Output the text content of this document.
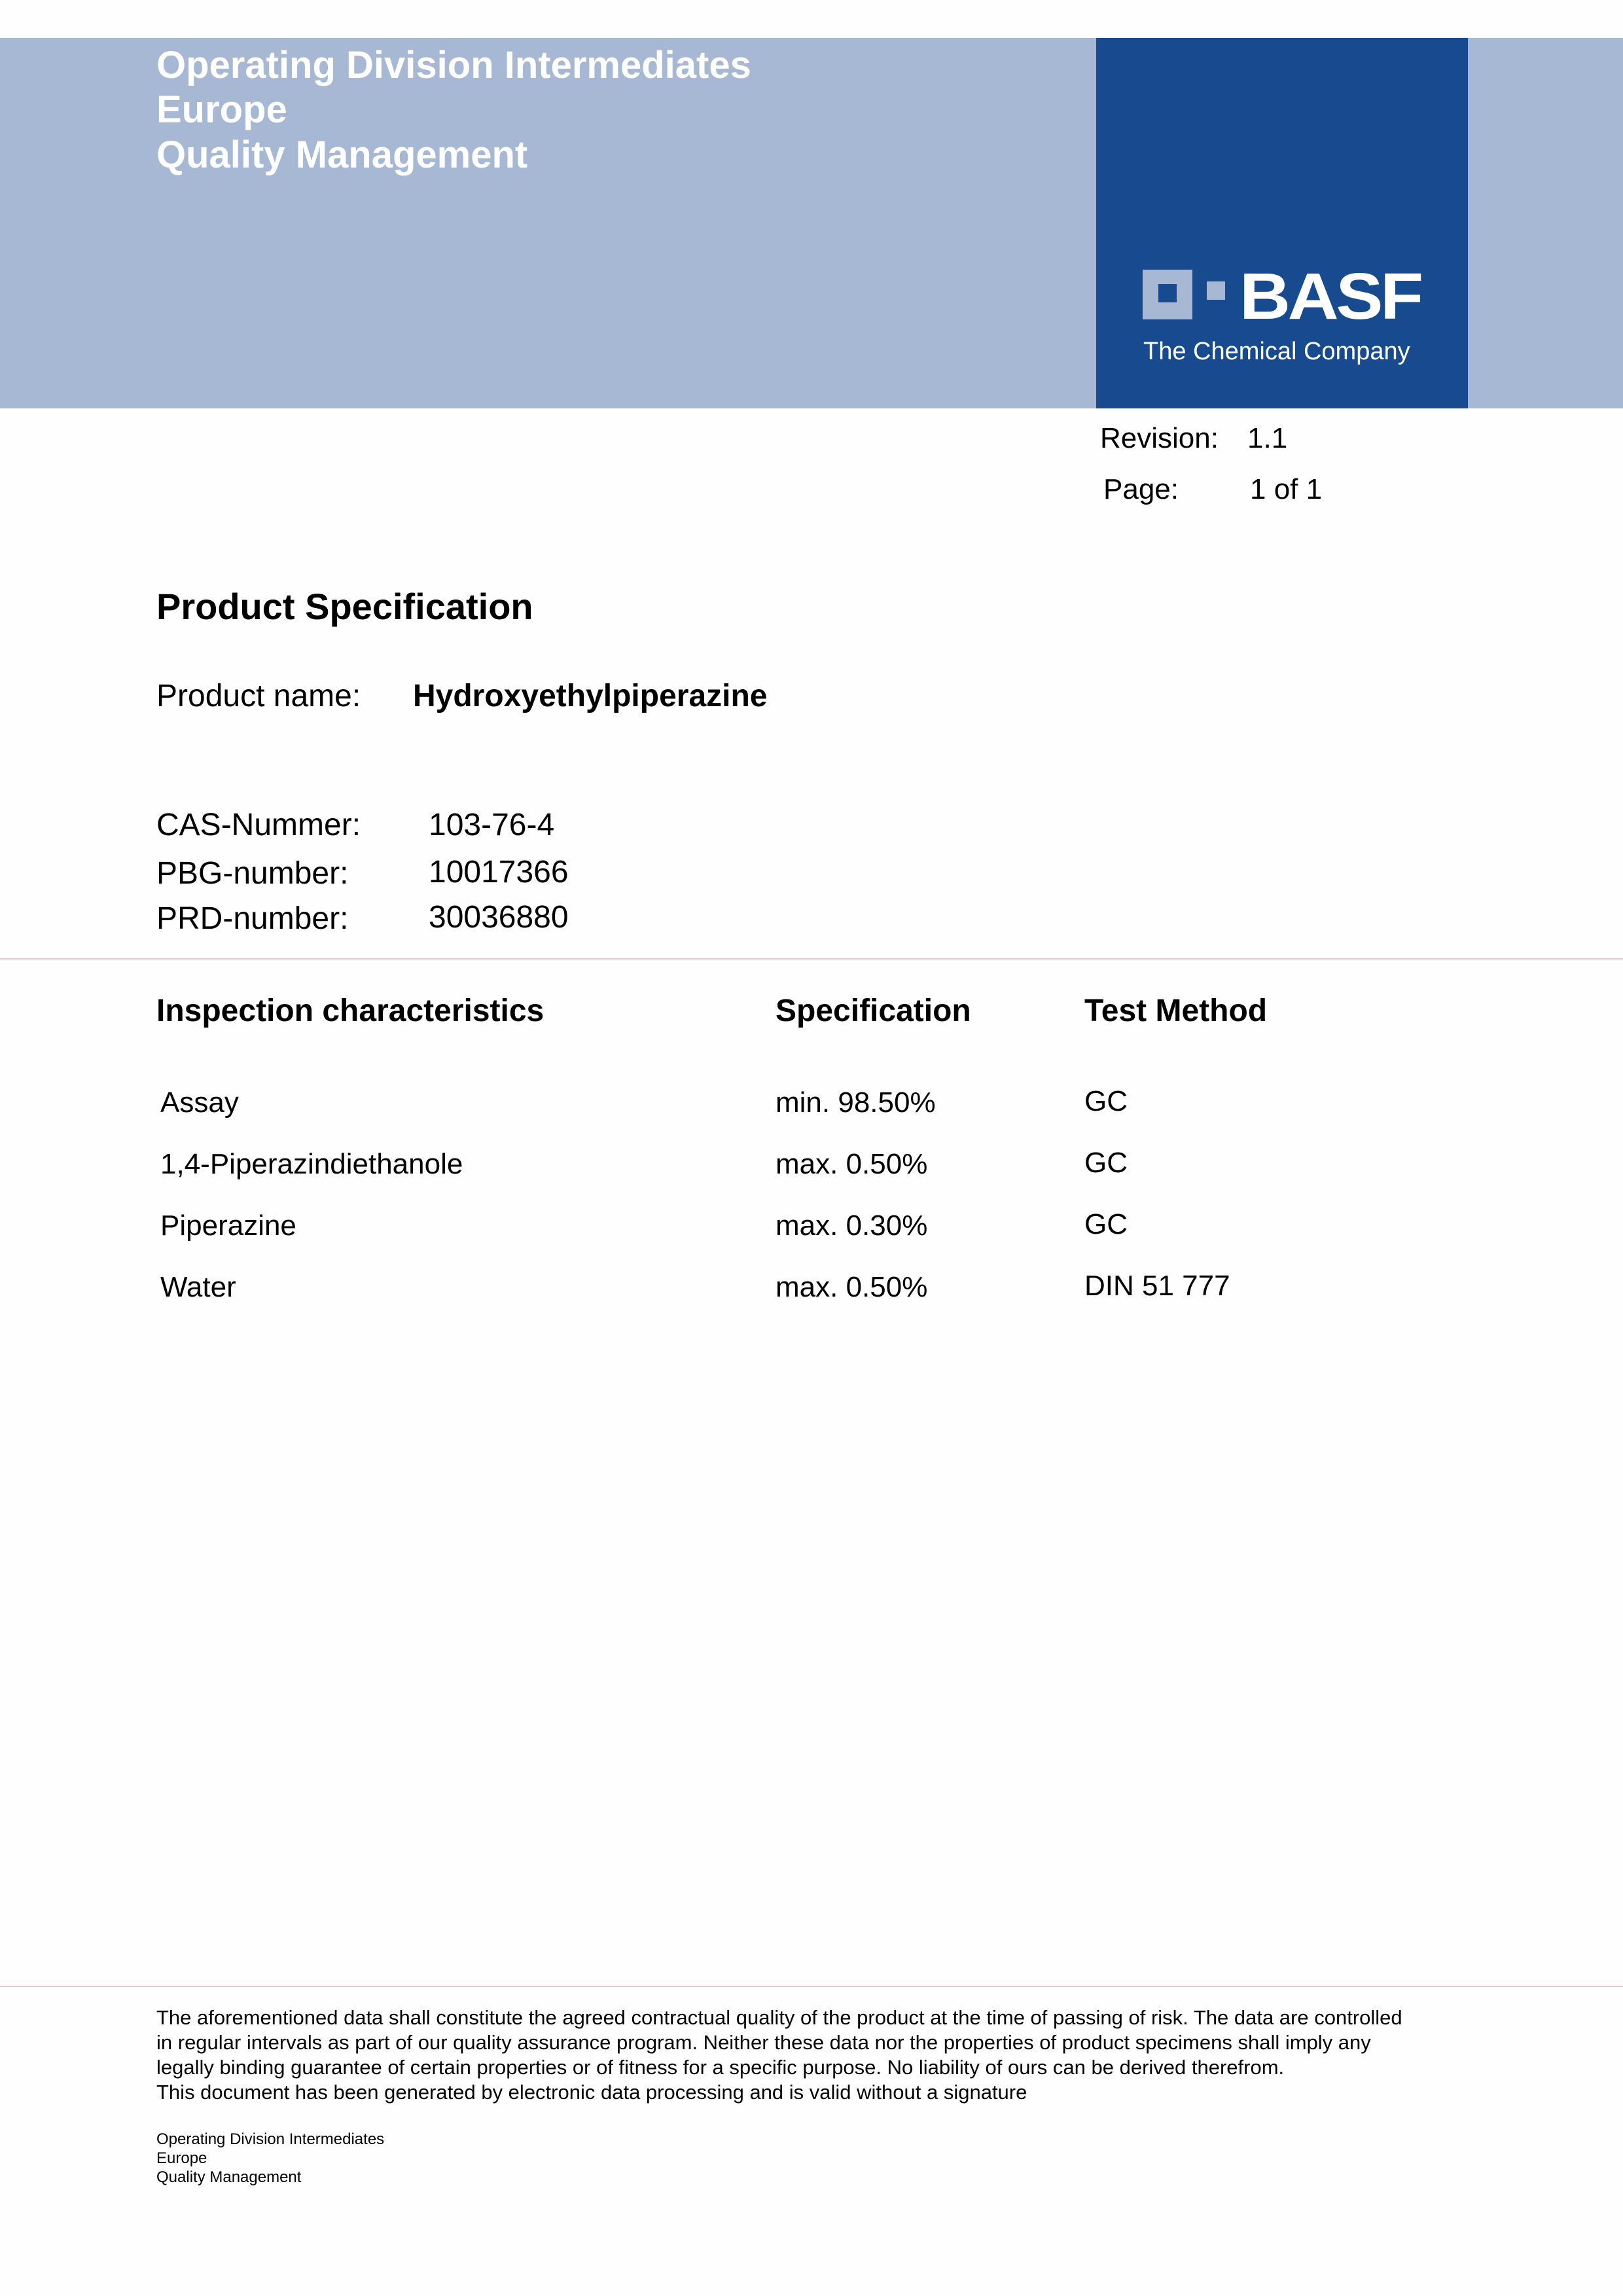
Operating Division Intermediates
Europe
Quality Management
BASF
The Chemical Company
Revision: 1.1
Page: 1 of 1
Product Specification
Product name: Hydroxyethylpiperazine
CAS-Nummer: 103-76-4
PBG-number:	10017366
PRD-number:	30036880
Inspection characteristics	Specification	Test Method
Assay	min. 98.50%	GC
1,4-Piperazindiethanole	max. 0.50%	GC
Piperazine	max. 0.30%	GC
Water	max. 0.50%	DIN 51 777
The aforementioned data shall constitute the agreed contractual quality of the product at the time of passing of risk. The data are controlled
in regular intervals as part of our quality assurance program. Neither these data nor the properties of product specimens shall imply any
legally binding guarantee of certain properties or of fitness for a specific purpose. No liability of ours can be derived therefrom.
This document has been generated by electronic data processing and is valid without a signature
Operating Division Intermediates
Europe
Quality Management
